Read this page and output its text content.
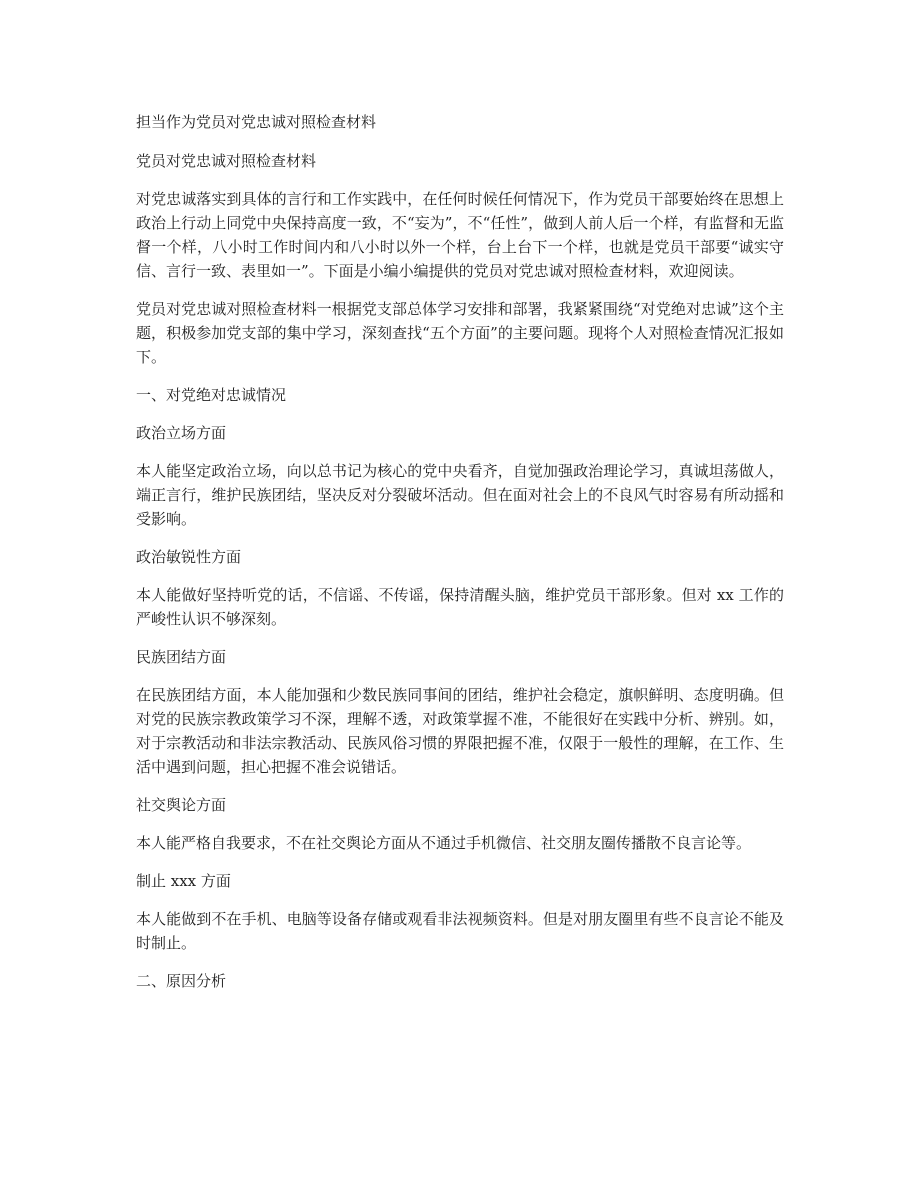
担当作为党员对党忠诚对照检查材料

党员对党忠诚对照检查材料

对党忠诚落实到具体的言行和工作实践中，在任何时候任何情况下，作为党员干部要始终在思想上政治上行动上同党中央保持高度一致，不“妄为”，不“任性”，做到人前人后一个样，有监督和无监督一个样，八小时工作时间内和八小时以外一个样，台上台下一个样，也就是党员干部要“诚实守信、言行一致、表里如一”。下面是小编小编提供的党员对党忠诚对照检查材料，欢迎阅读。

党员对党忠诚对照检查材料一根据党支部总体学习安排和部署，我紧紧围绕“对党绝对忠诚”这个主题，积极参加党支部的集中学习，深刻查找“五个方面”的主要问题。现将个人对照检查情况汇报如下。

一、对党绝对忠诚情况

政治立场方面

本人能坚定政治立场，向以总书记为核心的党中央看齐，自觉加强政治理论学习，真诚坦荡做人，端正言行，维护民族团结，坚决反对分裂破坏活动。但在面对社会上的不良风气时容易有所动摇和受影响。

政治敏锐性方面

本人能做好坚持听党的话，不信谣、不传谣，保持清醒头脑，维护党员干部形象。但对 xx 工作的严峻性认识不够深刻。

民族团结方面

在民族团结方面，本人能加强和少数民族同事间的团结，维护社会稳定，旗帜鲜明、态度明确。但对党的民族宗教政策学习不深，理解不透，对政策掌握不准，不能很好在实践中分析、辨别。如，对于宗教活动和非法宗教活动、民族风俗习惯的界限把握不准，仅限于一般性的理解，在工作、生活中遇到问题，担心把握不准会说错话。

社交舆论方面

本人能严格自我要求，不在社交舆论方面从不通过手机微信、社交朋友圈传播散不良言论等。

制止 xxx 方面

本人能做到不在手机、电脑等设备存储或观看非法视频资料。但是对朋友圈里有些不良言论不能及时制止。

二、原因分析
